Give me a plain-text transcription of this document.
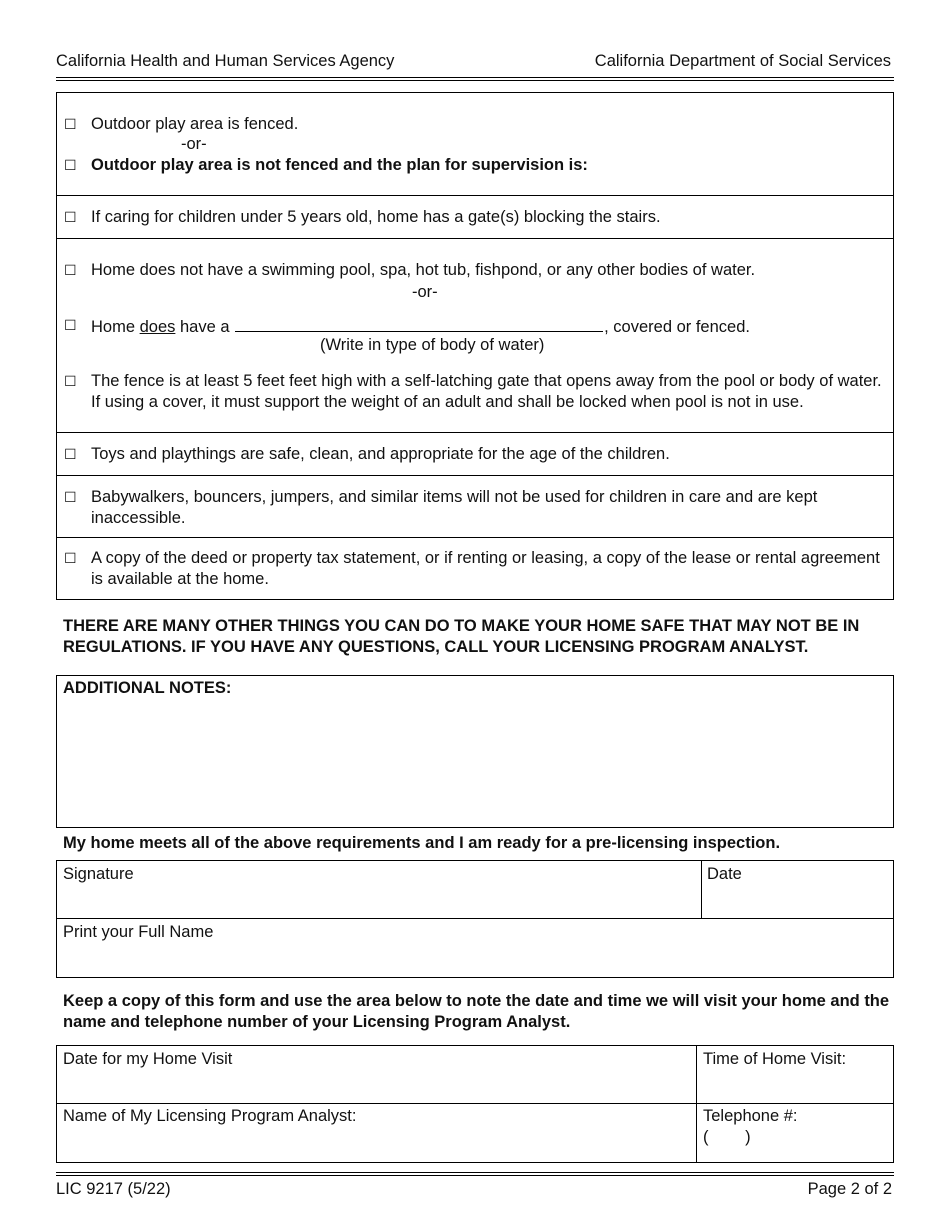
California Health and Human Services Agency	California Department of Social Services
☐ Outdoor play area is fenced.
-or-
☐ Outdoor play area is not fenced and the plan for supervision is:
☐ If caring for children under 5 years old, home has a gate(s) blocking the stairs.
☐ Home does not have a swimming pool, spa, hot tub, fishpond, or any other bodies of water.
-or-
☐ Home does have a	, covered or fenced.
(Write in type of body of water)
☐ The fence is at least 5 feet feet high with a self-latching gate that opens away from the pool or body of water. If using a cover, it must support the weight of an adult and shall be locked when pool is not in use.
☐ Toys and playthings are safe, clean, and appropriate for the age of the children.
☐ Babywalkers, bouncers, jumpers, and similar items will not be used for children in care and are kept inaccessible.
☐ A copy of the deed or property tax statement, or if renting or leasing, a copy of the lease or rental agreement is available at the home.
THERE ARE MANY OTHER THINGS YOU CAN DO TO MAKE YOUR HOME SAFE THAT MAY NOT BE IN REGULATIONS. IF YOU HAVE ANY QUESTIONS, CALL YOUR LICENSING PROGRAM ANALYST.
ADDITIONAL NOTES:
My home meets all of the above requirements and I am ready for a pre-licensing inspection.
Signature	Date
Print your Full Name
Keep a copy of this form and use the area below to note the date and time we will visit your home and the name and telephone number of your Licensing Program Analyst.
Date for my Home Visit	Time of Home Visit:
Name of My Licensing Program Analyst:	Telephone #:
(        )
LIC 9217 (5/22)	Page 2 of 2
